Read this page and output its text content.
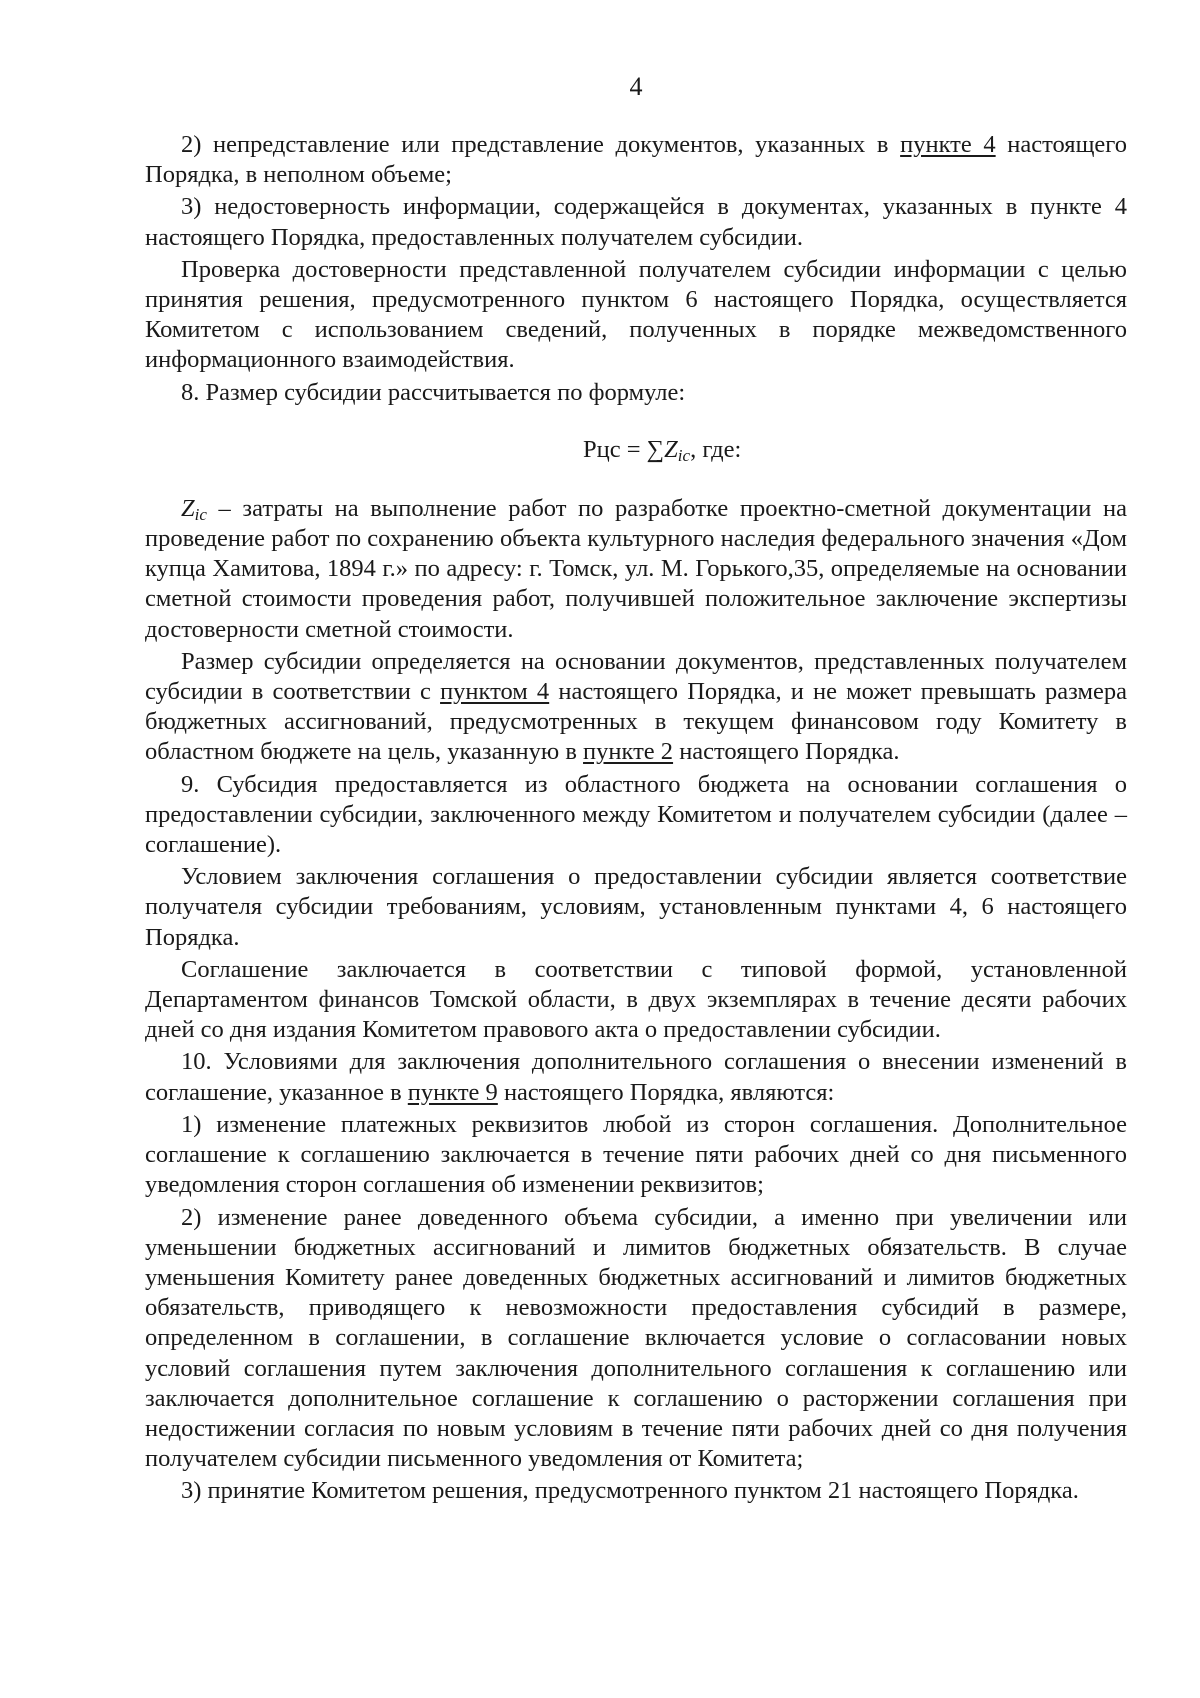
4

2) непредставление или представление документов, указанных в пункте 4 настоящего Порядка, в неполном объеме;

3) недостоверность информации, содержащейся в документах, указанных в пункте 4 настоящего Порядка, предоставленных получателем субсидии.

Проверка достоверности представленной получателем субсидии информации с целью принятия решения, предусмотренного пунктом 6 настоящего Порядка, осуществляется Комитетом с использованием сведений, полученных в порядке межведомственного информационного взаимодействия.

8. Размер субсидии рассчитывается по формуле:

Рцс = $\sum Z_{ic}$, где:

$Z_{ic}$ – затраты на выполнение работ по разработке проектно-сметной документации на проведение работ по сохранению объекта культурного наследия федерального значения «Дом купца Хамитова, 1894 г.» по адресу: г. Томск, ул. М. Горького,35, определяемые на основании сметной стоимости проведения работ, получившей положительное заключение экспертизы достоверности сметной стоимости.

Размер субсидии определяется на основании документов, представленных получателем субсидии в соответствии с пунктом 4 настоящего Порядка, и не может превышать размера бюджетных ассигнований, предусмотренных в текущем финансовом году Комитету в областном бюджете на цель, указанную в пункте 2 настоящего Порядка.

9. Субсидия предоставляется из областного бюджета на основании соглашения о предоставлении субсидии, заключенного между Комитетом и получателем субсидии (далее – соглашение).

Условием заключения соглашения о предоставлении субсидии является соответствие получателя субсидии требованиям, условиям, установленным пунктами 4, 6 настоящего Порядка.

Соглашение заключается в соответствии с типовой формой, установленной Департаментом финансов Томской области, в двух экземплярах в течение десяти рабочих дней со дня издания Комитетом правового акта о предоставлении субсидии.

10. Условиями для заключения дополнительного соглашения о внесении изменений в соглашение, указанное в пункте 9 настоящего Порядка, являются:

1) изменение платежных реквизитов любой из сторон соглашения. Дополнительное соглашение к соглашению заключается в течение пяти рабочих дней со дня письменного уведомления сторон соглашения об изменении реквизитов;

2) изменение ранее доведенного объема субсидии, а именно при увеличении или уменьшении бюджетных ассигнований и лимитов бюджетных обязательств. В случае уменьшения Комитету ранее доведенных бюджетных ассигнований и лимитов бюджетных обязательств, приводящего к невозможности предоставления субсидий в размере, определенном в соглашении, в соглашение включается условие о согласовании новых условий соглашения путем заключения дополнительного соглашения к соглашению или заключается дополнительное соглашение к соглашению о расторжении соглашения при недостижении согласия по новым условиям в течение пяти рабочих дней со дня получения получателем субсидии письменного уведомления от Комитета;

3) принятие Комитетом решения, предусмотренного пунктом 21 настоящего Порядка.
